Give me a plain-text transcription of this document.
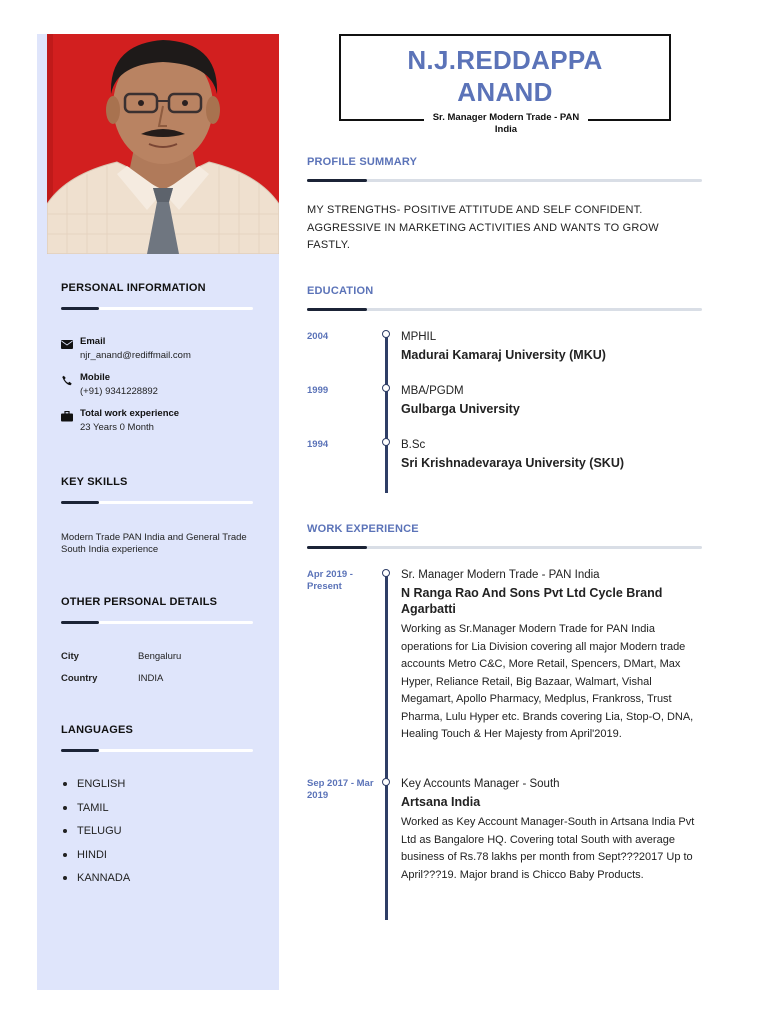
PERSONAL INFORMATION
Email
njr_anand@rediffmail.com
Mobile
(+91) 9341228892
Total work experience
23 Years 0 Month
KEY SKILLS
Modern Trade PAN India and General Trade South India experience
OTHER PERSONAL DETAILS
City	Bengaluru
Country	INDIA
LANGUAGES
ENGLISH
TAMIL
TELUGU
HINDI
KANNADA
N.J.REDDAPPA
ANAND
Sr. Manager Modern Trade - PAN India
PROFILE SUMMARY
MY STRENGTHS- POSITIVE ATTITUDE AND SELF CONFIDENT. AGGRESSIVE IN MARKETING ACTIVITIES AND WANTS TO GROW FASTLY.
EDUCATION
2004	MPHIL
Madurai Kamaraj University (MKU)
1999	MBA/PGDM
Gulbarga University
1994	B.Sc
Sri Krishnadevaraya University (SKU)
WORK EXPERIENCE
Apr 2019 - Present
Sr. Manager Modern Trade - PAN India
N Ranga Rao And Sons Pvt Ltd Cycle Brand Agarbatti
Working as Sr.Manager Modern Trade for PAN India operations for Lia Division covering all major Modern trade accounts Metro C&C, More Retail, Spencers, DMart, Max Hyper, Reliance Retail, Big Bazaar, Walmart, Vishal Megamart, Apollo Pharmacy, Medplus, Frankross, Trust Pharma, Lulu Hyper etc. Brands covering Lia, Stop-O, DNA, Healing Touch & Her Majesty from April'2019.
Sep 2017 - Mar 2019
Key Accounts Manager - South
Artsana India
Worked as Key Account Manager-South in Artsana India Pvt Ltd as Bangalore HQ. Covering total South with average business of Rs.78 lakhs per month from Sept???2017 Up to April???19. Major brand is Chicco Baby Products.
